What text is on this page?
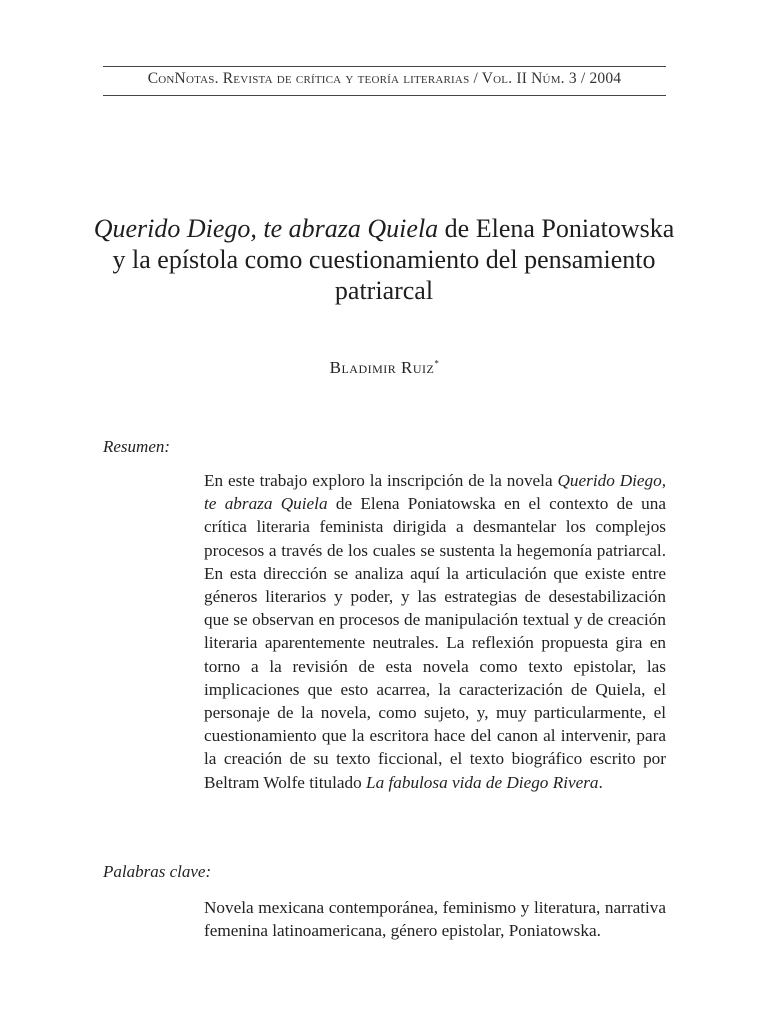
ConNotas. Revista de crítica y teoría literarias / Vol. II Núm. 3 / 2004
Querido Diego, te abraza Quiela de Elena Poniatowska y la epístola como cuestionamiento del pensamiento patriarcal
Bladimir Ruiz*
Resumen:
En este trabajo exploro la inscripción de la novela Querido Diego, te abraza Quiela de Elena Poniatowska en el contexto de una crítica literaria feminista dirigida a desmantelar los complejos procesos a través de los cuales se sustenta la hegemonía patriarcal. En esta dirección se analiza aquí la articulación que existe entre géneros literarios y poder, y las estrategias de desestabilización que se observan en procesos de manipulación textual y de creación literaria aparentemente neutrales. La reflexión propuesta gira en torno a la revisión de esta novela como texto epistolar, las implicaciones que esto acarrea, la caracterización de Quiela, el personaje de la novela, como sujeto, y, muy particularmente, el cuestionamiento que la escritora hace del canon al intervenir, para la creación de su texto ficcional, el texto biográfico escrito por Beltram Wolfe titulado La fabulosa vida de Diego Rivera.
Palabras clave:
Novela mexicana contemporánea, feminismo y literatura, narrativa femenina latinoamericana, género epistolar, Poniatowska.
